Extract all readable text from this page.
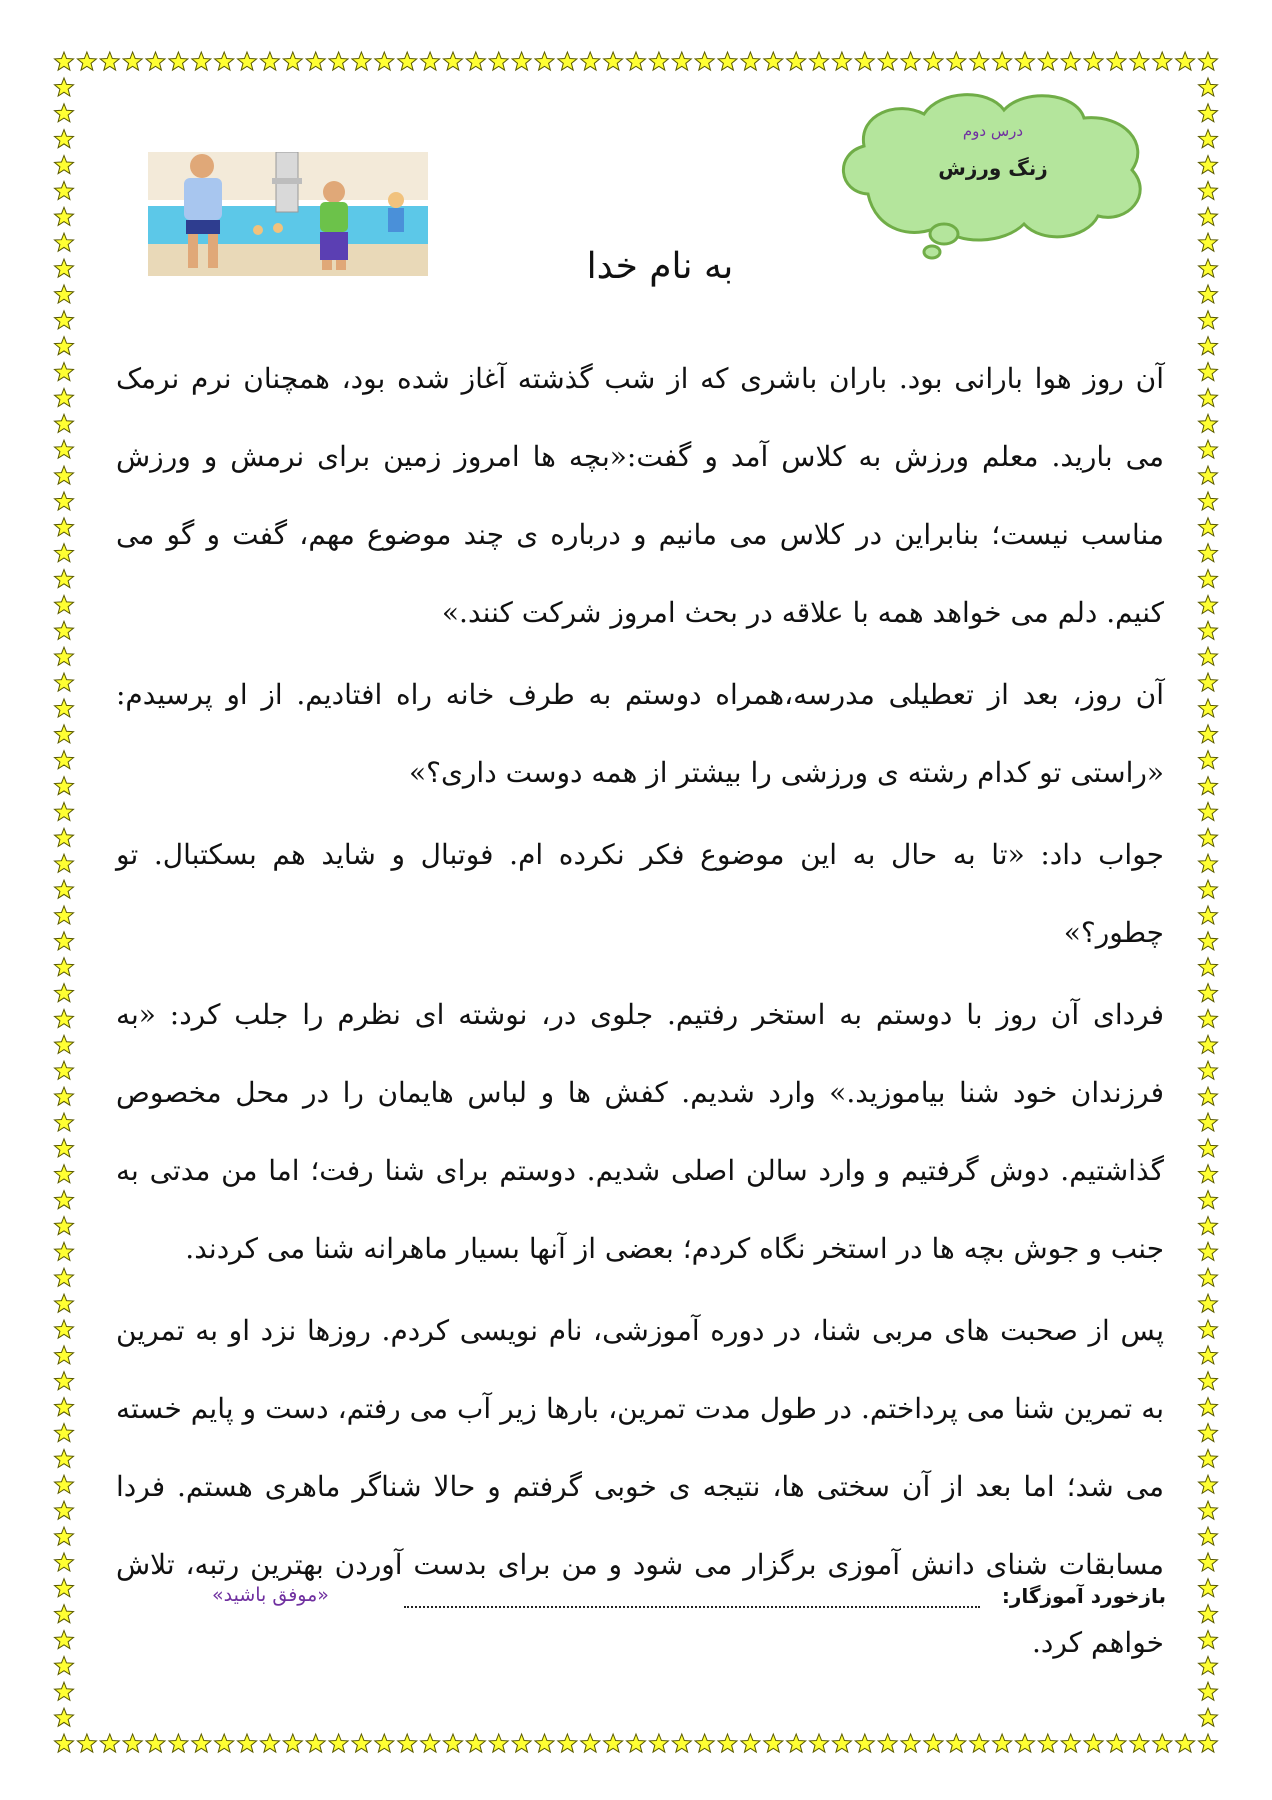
درس دوم
زنگ ورزش
به نام خدا

آن روز هوا بارانی بود. باران باشری که از شب گذشته آغاز شده بود، همچنان نرم نرمک می بارید. معلم ورزش به کلاس آمد و گفت:«بچه ها امروز زمین برای نرمش و ورزش مناسب نیست؛ بنابراین در کلاس می مانیم و درباره ی چند موضوع مهم، گفت و گو می کنیم. دلم می خواهد همه با علاقه در بحث امروز شرکت کنند.»

آن روز، بعد از تعطیلی مدرسه،همراه دوستم به طرف خانه راه افتادیم. از او پرسیدم: «راستی تو کدام رشته ی ورزشی را بیشتر از همه دوست داری؟»

جواب داد: «تا به حال به این موضوع فکر نکرده ام. فوتبال و شاید هم بسکتبال. تو چطور؟»

فردای آن روز با دوستم به استخر رفتیم. جلوی در، نوشته ای نظرم را جلب کرد: «به فرزندان خود شنا بیاموزید.» وارد شدیم. کفش ها و لباس هایمان را در محل مخصوص گذاشتیم. دوش گرفتیم و وارد سالن اصلی شدیم. دوستم برای شنا رفت؛ اما من مدتی به جنب و جوش بچه ها در استخر نگاه کردم؛ بعضی از آنها بسیار ماهرانه شنا می کردند.

پس از صحبت های مربی شنا، در دوره آموزشی، نام نویسی کردم. روزها نزد او به تمرین به تمرین شنا می پرداختم. در طول مدت تمرین، بارها زیر آب می رفتم، دست و پایم خسته می شد؛ اما بعد از آن سختی ها، نتیجه ی خوبی گرفتم و حالا شناگر ماهری هستم. فردا مسابقات شنای دانش آموزی برگزار می شود و من برای بدست آوردن بهترین رتبه، تلاش خواهم کرد.

بازخورد آموزگار:
«موفق باشید»
